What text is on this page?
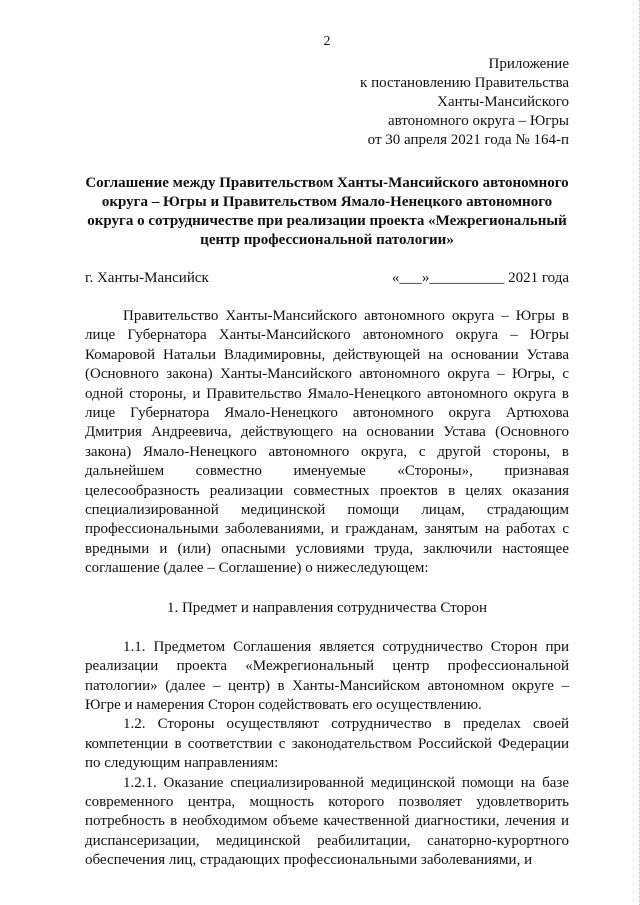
2
Приложение
к постановлению Правительства
Ханты-Мансийского
автономного округа – Югры
от 30 апреля 2021 года № 164-п
Соглашение между Правительством Ханты-Мансийского автономного округа – Югры и Правительством Ямало-Ненецкого автономного округа о сотрудничестве при реализации проекта «Межрегиональный центр профессиональной патологии»
г. Ханты-Мансийск	«___»__________ 2021 года

Правительство Ханты-Мансийского автономного округа – Югры в лице Губернатора Ханты-Мансийского автономного округа – Югры Комаровой Натальи Владимировны, действующей на основании Устава (Основного закона) Ханты-Мансийского автономного округа – Югры, с одной стороны, и Правительство Ямало-Ненецкого автономного округа в лице Губернатора Ямало-Ненецкого автономного округа Артюхова Дмитрия Андреевича, действующего на основании Устава (Основного закона) Ямало-Ненецкого автономного округа, с другой стороны, в дальнейшем совместно именуемые «Стороны», признавая целесообразность реализации совместных проектов в целях оказания специализированной медицинской помощи лицам, страдающим профессиональными заболеваниями, и гражданам, занятым на работах с вредными и (или) опасными условиями труда, заключили настоящее соглашение (далее – Соглашение) о нижеследующем:

1. Предмет и направления сотрудничества Сторон

1.1. Предметом Соглашения является сотрудничество Сторон при реализации проекта «Межрегиональный центр профессиональной патологии» (далее – центр) в Ханты-Мансийском автономном округе – Югре и намерения Сторон содействовать его осуществлению.

1.2. Стороны осуществляют сотрудничество в пределах своей компетенции в соответствии с законодательством Российской Федерации по следующим направлениям:

1.2.1. Оказание специализированной медицинской помощи на базе современного центра, мощность которого позволяет удовлетворить потребность в необходимом объеме качественной диагностики, лечения и диспансеризации, медицинской реабилитации, санаторно-курортного обеспечения лиц, страдающих профессиональными заболеваниями, и
